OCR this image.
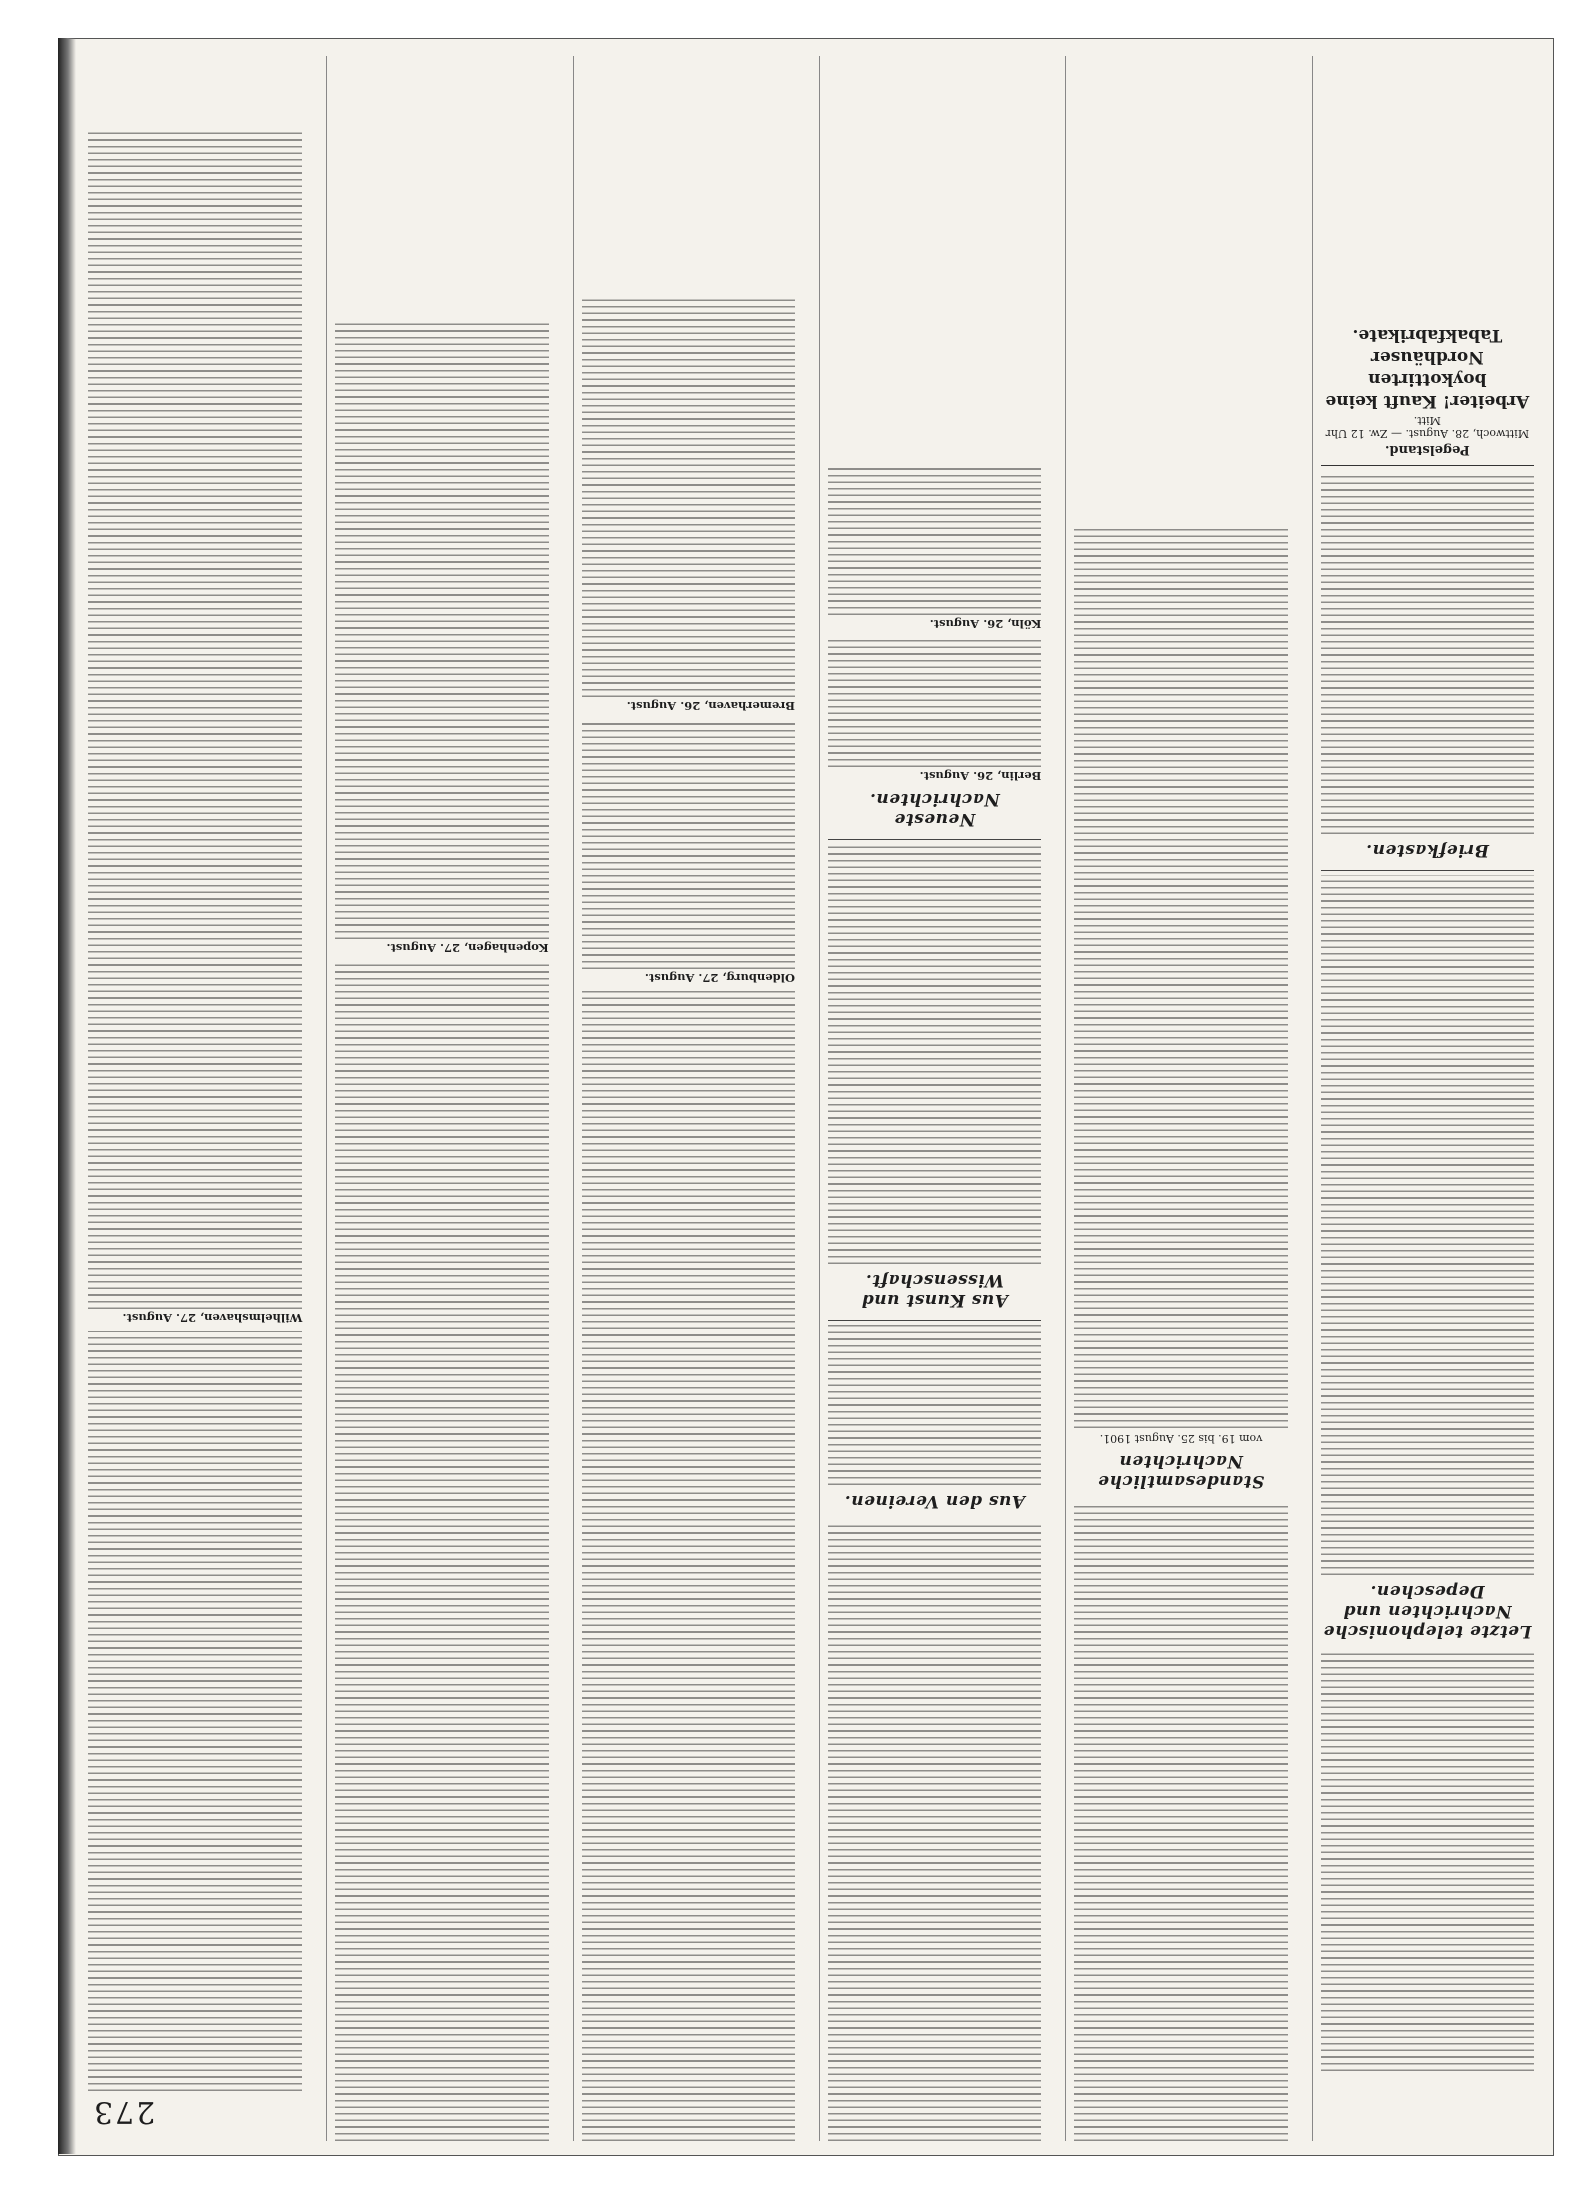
273
Letzte telephonische Nachrichten und Depeschen.
Briefkasten.
Pegelstand.
Mittwoch, 28. August. — Zw. 12 Uhr Mitt.
Arbeiter! Kauft keine boykottirten Nordhäuser Tabakfabrikate.
Standesamtliche Nachrichten
vom 19. bis 25. August 1901.
Aus den Vereinen.
Aus Kunst und Wissenschaft.
Neueste Nachrichten.
Berlin, 26. August.
Köln, 26. August.
Oldenburg, 27. August.
Bremerhaven, 26. August.
Kopenhagen, 27. August.
Wilhelmshaven, 27. August.
